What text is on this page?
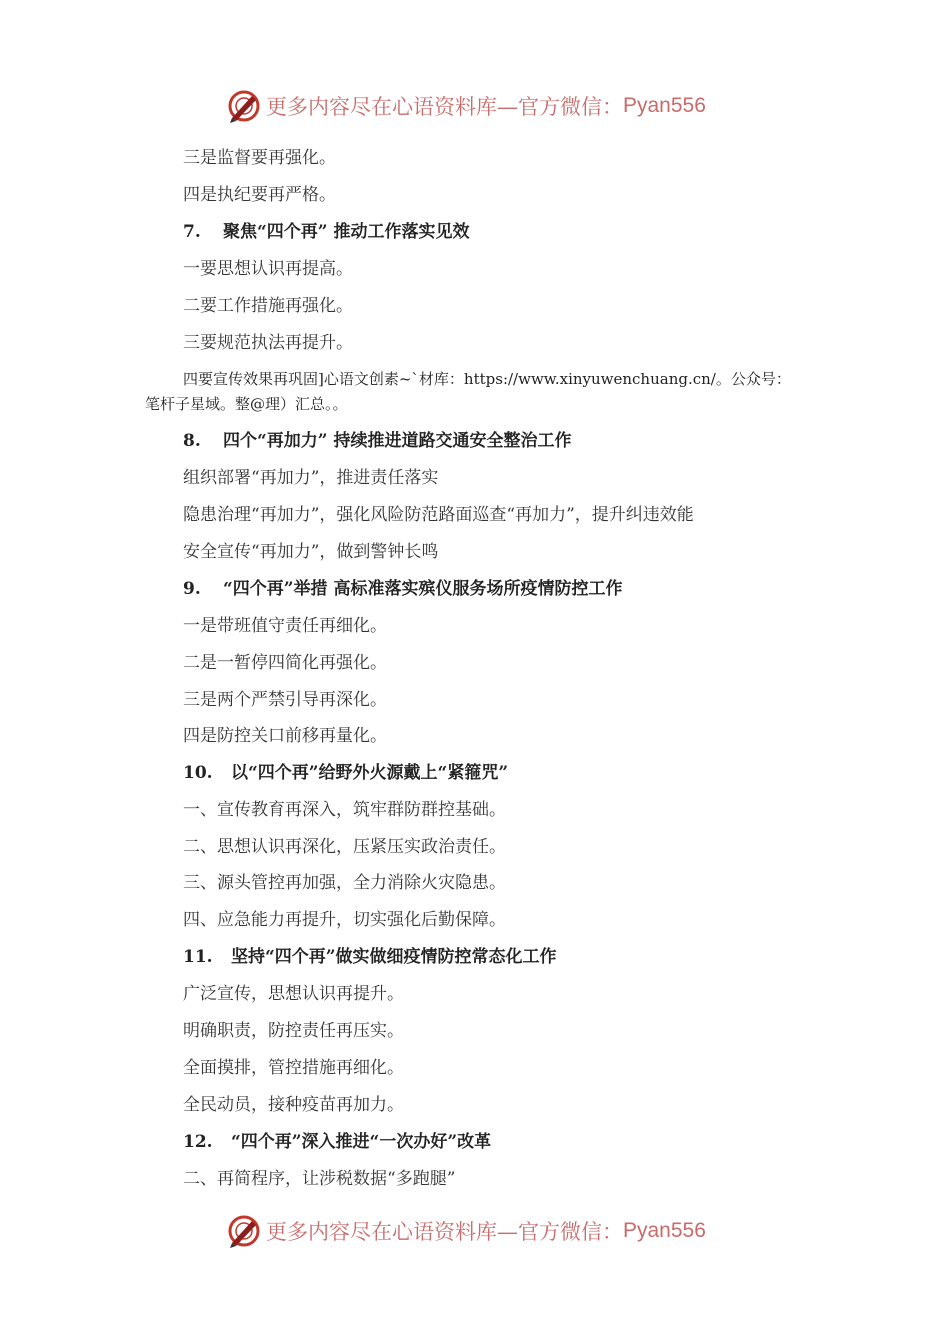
更多内容尽在心语资料库—官方微信： Pyan556
三是监督要再强化。
四是执纪要再严格。
7. 聚焦“四个再” 推动工作落实见效
一要思想认识再提高。
二要工作措施再强化。
三要规范执法再提升。
四要宣传效果再巩固]心语文创素~`材库：https://www.xinyuwenchuang.cn/。公众号：笔杆子星域。整@理）汇总。。
8. 四个“再加力” 持续推进道路交通安全整治工作
组织部署“再加力”，推进责任落实
隐患治理“再加力”，强化风险防范路面巡查“再加力”，提升纠违效能
安全宣传“再加力”，做到警钟长鸣
9. “四个再”举措 高标准落实殡仪服务场所疫情防控工作
一是带班值守责任再细化。
二是一暂停四简化再强化。
三是两个严禁引导再深化。
四是防控关口前移再量化。
10. 以“四个再”给野外火源戴上“紧箍咒”
一、宣传教育再深入，筑牢群防群控基础。
二、思想认识再深化，压紧压实政治责任。
三、源头管控再加强，全力消除火灾隐患。
四、应急能力再提升，切实强化后勤保障。
11. 坚持“四个再”做实做细疫情防控常态化工作
广泛宣传，思想认识再提升。
明确职责，防控责任再压实。
全面摸排，管控措施再细化。
全民动员，接种疫苗再加力。
12. “四个再”深入推进“一次办好”改革
二、再简程序，让涉税数据“多跑腿”
更多内容尽在心语资料库—官方微信： Pyan556
